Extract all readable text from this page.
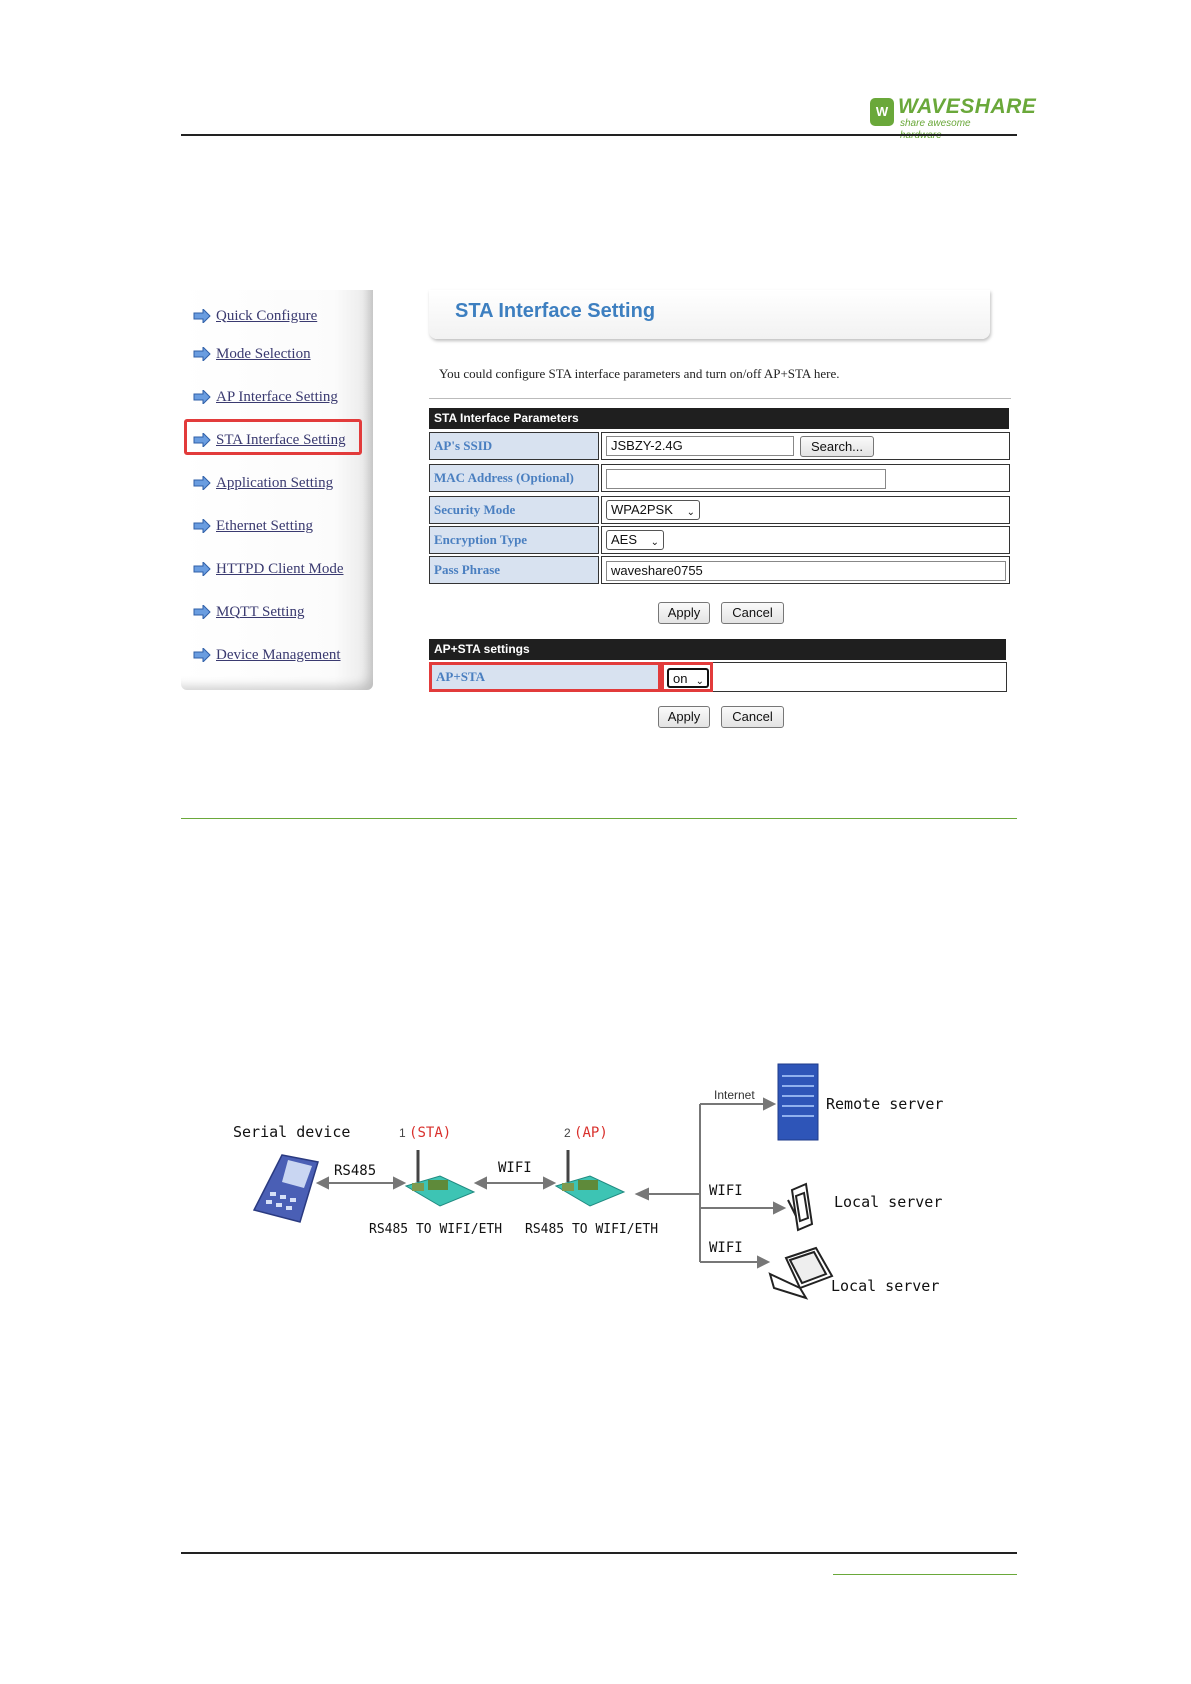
W WAVESHARE
share awesome
Quick Configure
Mode Selection
AP Interface Setting
STA Interface Setting
Application Setting
Ethernet Setting
HTTPD Client Mode
MQTT Setting
Device Management
STA Interface Setting
You could configure STA interface parameters and turn on/off AP+STA here.
STA Interface Parameters
AP's SSID	JSBZY-2.4G	Search...
MAC Address (Optional)
Security Mode	WPA2PSK ⌄
Encryption Type	AES ⌄
Pass Phrase	waveshare0755
Apply	Cancel
AP+STA settings
AP+STA	on ⌄
Apply	Cancel
Serial device
RS485
1 (STA)	2 (AP)
WIFI
RS485 TO WIFI/ETH RS485 TO WIFI/ETH
Internet	Remote server
WIFI
Local server
WIFI
Local server
